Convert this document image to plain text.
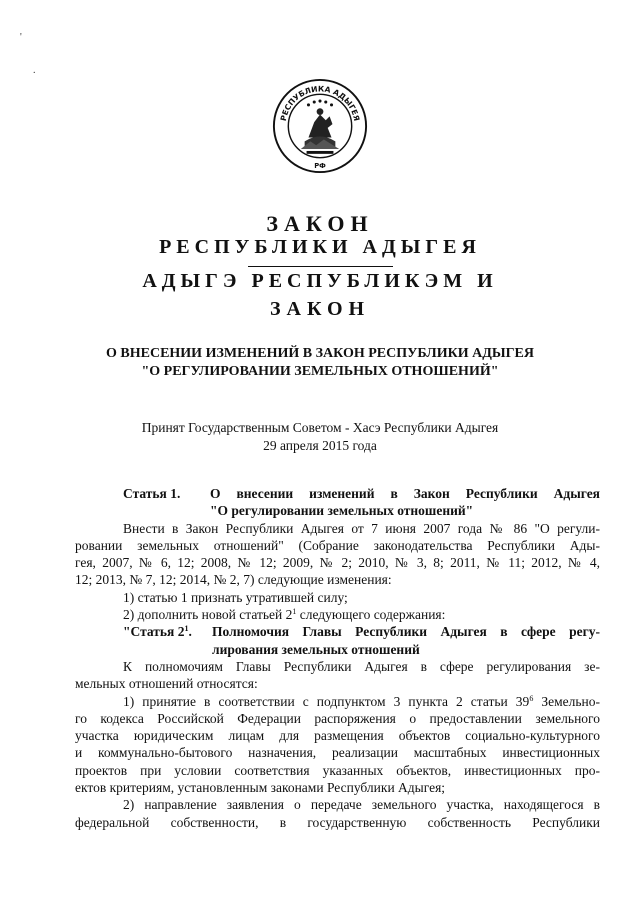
'
.
РЕСПУБЛИКА АДЫГЕЯ
РФ
ЗАКОН
РЕСПУБЛИКИ АДЫГЕЯ
АДЫГЭ РЕСПУБЛИКЭМ И
ЗАКОН
О ВНЕСЕНИИ ИЗМЕНЕНИЙ В ЗАКОН РЕСПУБЛИКИ АДЫГЕЯ
"О РЕГУЛИРОВАНИИ ЗЕМЕЛЬНЫХ ОТНОШЕНИЙ"
Принят Государственным Советом - Хасэ Республики Адыгея
29 апреля 2015 года
Статья 1.	О внесении изменений в Закон Республики Адыгея
"О регулировании земельных отношений"
Внести в Закон Республики Адыгея от 7 июня 2007 года № 86 "О регули-
ровании земельных отношений" (Собрание законодательства Республики Ады-
гея, 2007, № 6, 12; 2008, № 12; 2009, № 2; 2010, № 3, 8; 2011, № 11; 2012, № 4,
12; 2013, № 7, 12; 2014, № 2, 7) следующие изменения:
1) статью 1 признать утратившей силу;
2) дополнить новой статьей $2^1$ следующего содержания:
"Статья $2^1$.	Полномочия Главы Республики Адыгея в сфере регу-
лирования земельных отношений
К полномочиям Главы Республики Адыгея в сфере регулирования зе-
мельных отношений относятся:
1) принятие в соответствии с подпунктом 3 пункта 2 статьи $39^6$ Земельно-
го кодекса Российской Федерации распоряжения о предоставлении земельного
участка юридическим лицам для размещения объектов социально-культурного
и коммунально-бытового назначения, реализации масштабных инвестиционных
проектов при условии соответствия указанных объектов, инвестиционных про-
ектов критериям, установленным законами Республики Адыгея;
2) направление заявления о передаче земельного участка, находящегося в
федеральной собственности, в государственную собственность Республики
